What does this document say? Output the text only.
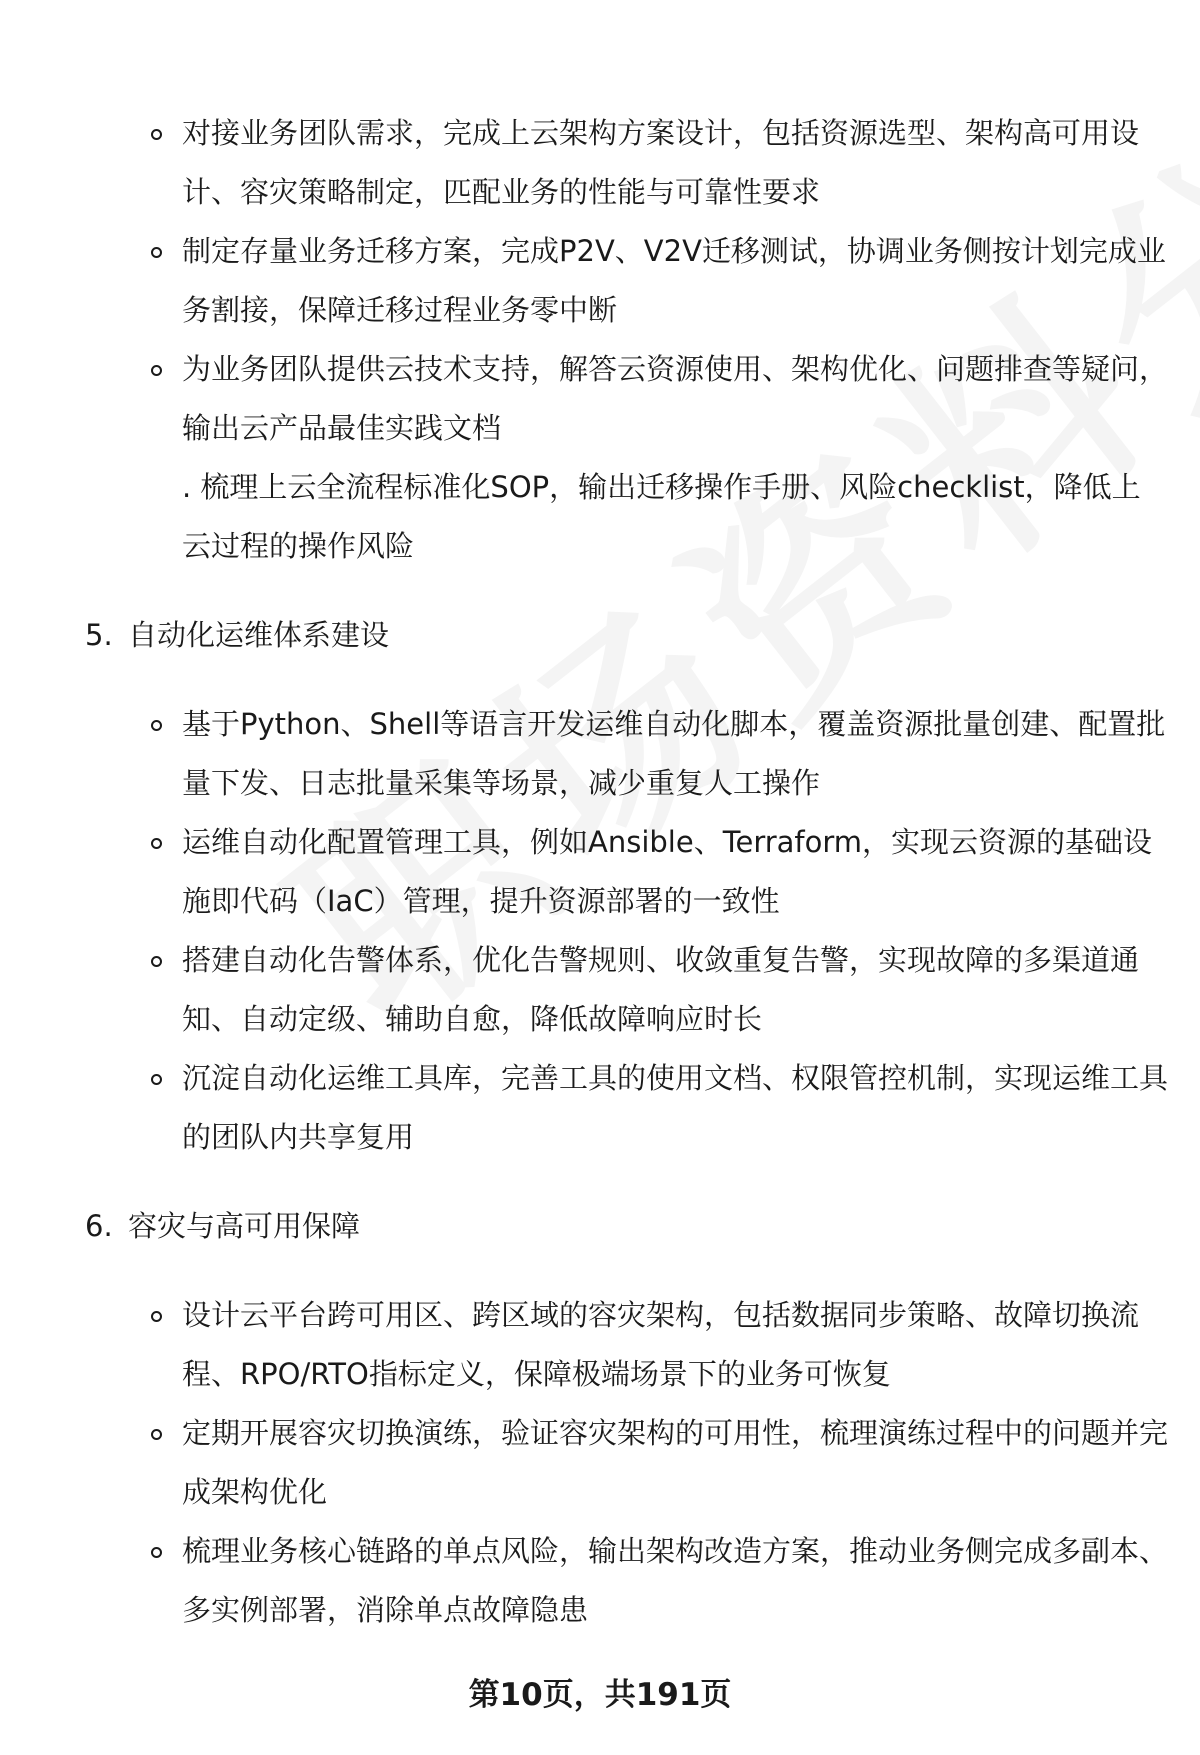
对接业务团队需求，完成上云架构方案设计，包括资源选型、架构高可用设计、容灾策略制定，匹配业务的性能与可靠性要求
制定存量业务迁移方案，完成P2V、V2V迁移测试，协调业务侧按计划完成业务割接，保障迁移过程业务零中断
为业务团队提供云技术支持，解答云资源使用、架构优化、问题排查等疑问，输出云产品最佳实践文档
. 梳理上云全流程标准化SOP，输出迁移操作手册、风险checklist，降低上云过程的操作风险
5. 自动化运维体系建设
基于Python、Shell等语言开发运维自动化脚本，覆盖资源批量创建、配置批量下发、日志批量采集等场景，减少重复人工操作
运维自动化配置管理工具，例如Ansible、Terraform，实现云资源的基础设施即代码（IaC）管理，提升资源部署的一致性
搭建自动化告警体系，优化告警规则、收敛重复告警，实现故障的多渠道通知、自动定级、辅助自愈，降低故障响应时长
沉淀自动化运维工具库，完善工具的使用文档、权限管控机制，实现运维工具的团队内共享复用
6. 容灾与高可用保障
设计云平台跨可用区、跨区域的容灾架构，包括数据同步策略、故障切换流程、RPO/RTO指标定义，保障极端场景下的业务可恢复
定期开展容灾切换演练，验证容灾架构的可用性，梳理演练过程中的问题并完成架构优化
梳理业务核心链路的单点风险，输出架构改造方案，推动业务侧完成多副本、多实例部署，消除单点故障隐患
第10页，共191页
